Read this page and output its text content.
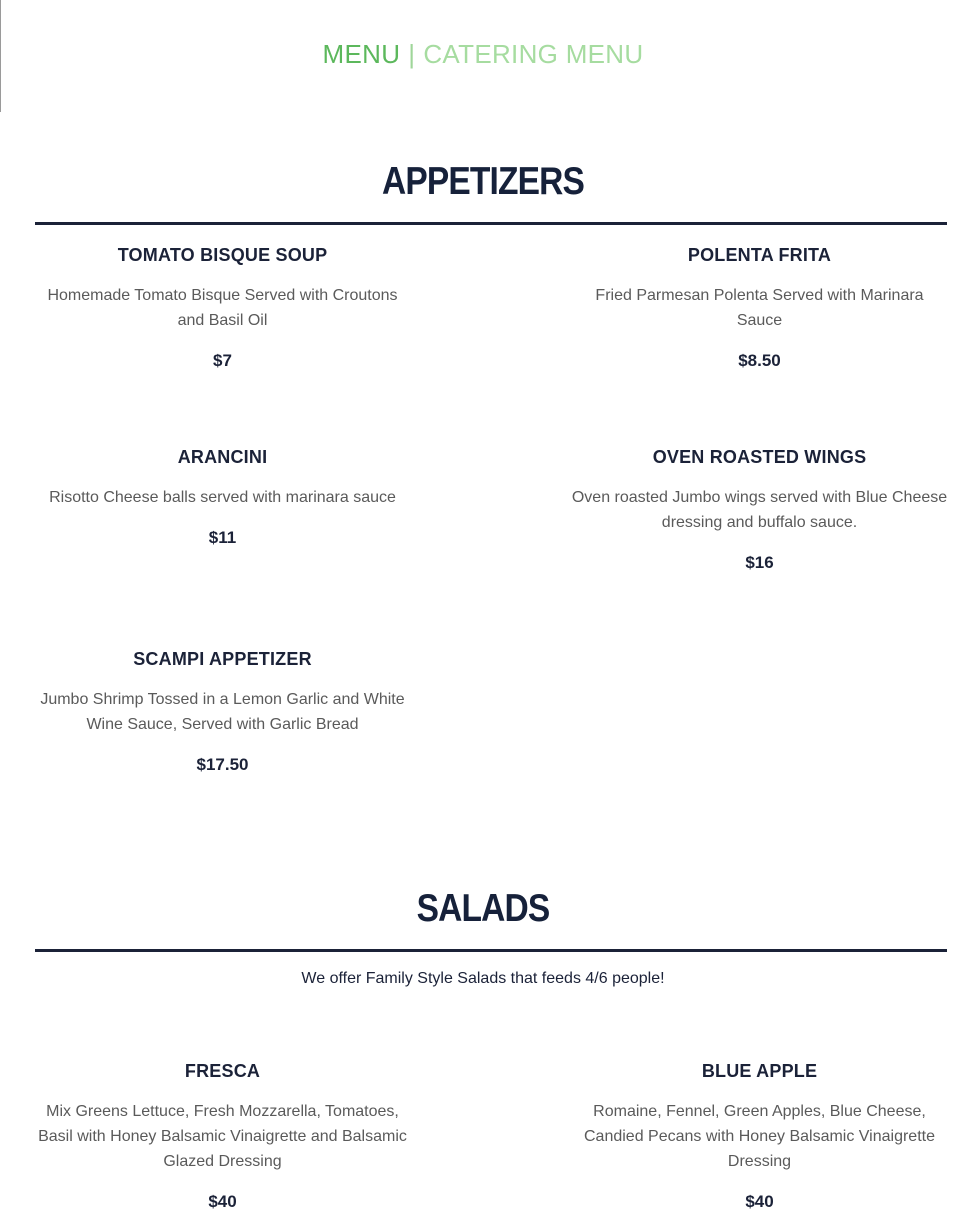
MENU | CATERING MENU
APPETIZERS

TOMATO BISQUE SOUP

Homemade Tomato Bisque Served with Croutons and Basil Oil

$7

POLENTA FRITA

Fried Parmesan Polenta Served with Marinara Sauce

$8.50

ARANCINI

Risotto Cheese balls served with marinara sauce

$11

OVEN ROASTED WINGS

Oven roasted Jumbo wings served with Blue Cheese dressing and buffalo sauce.

$16

SCAMPI APPETIZER

Jumbo Shrimp Tossed in a Lemon Garlic and White Wine Sauce, Served with Garlic Bread

$17.50

SALADS
We offer Family Style Salads that feeds 4/6 people!

FRESCA

Mix Greens Lettuce, Fresh Mozzarella, Tomatoes, Basil with Honey Balsamic Vinaigrette and Balsamic Glazed Dressing

$40

BLUE APPLE

Romaine, Fennel, Green Apples, Blue Cheese, Candied Pecans with Honey Balsamic Vinaigrette Dressing

$40
